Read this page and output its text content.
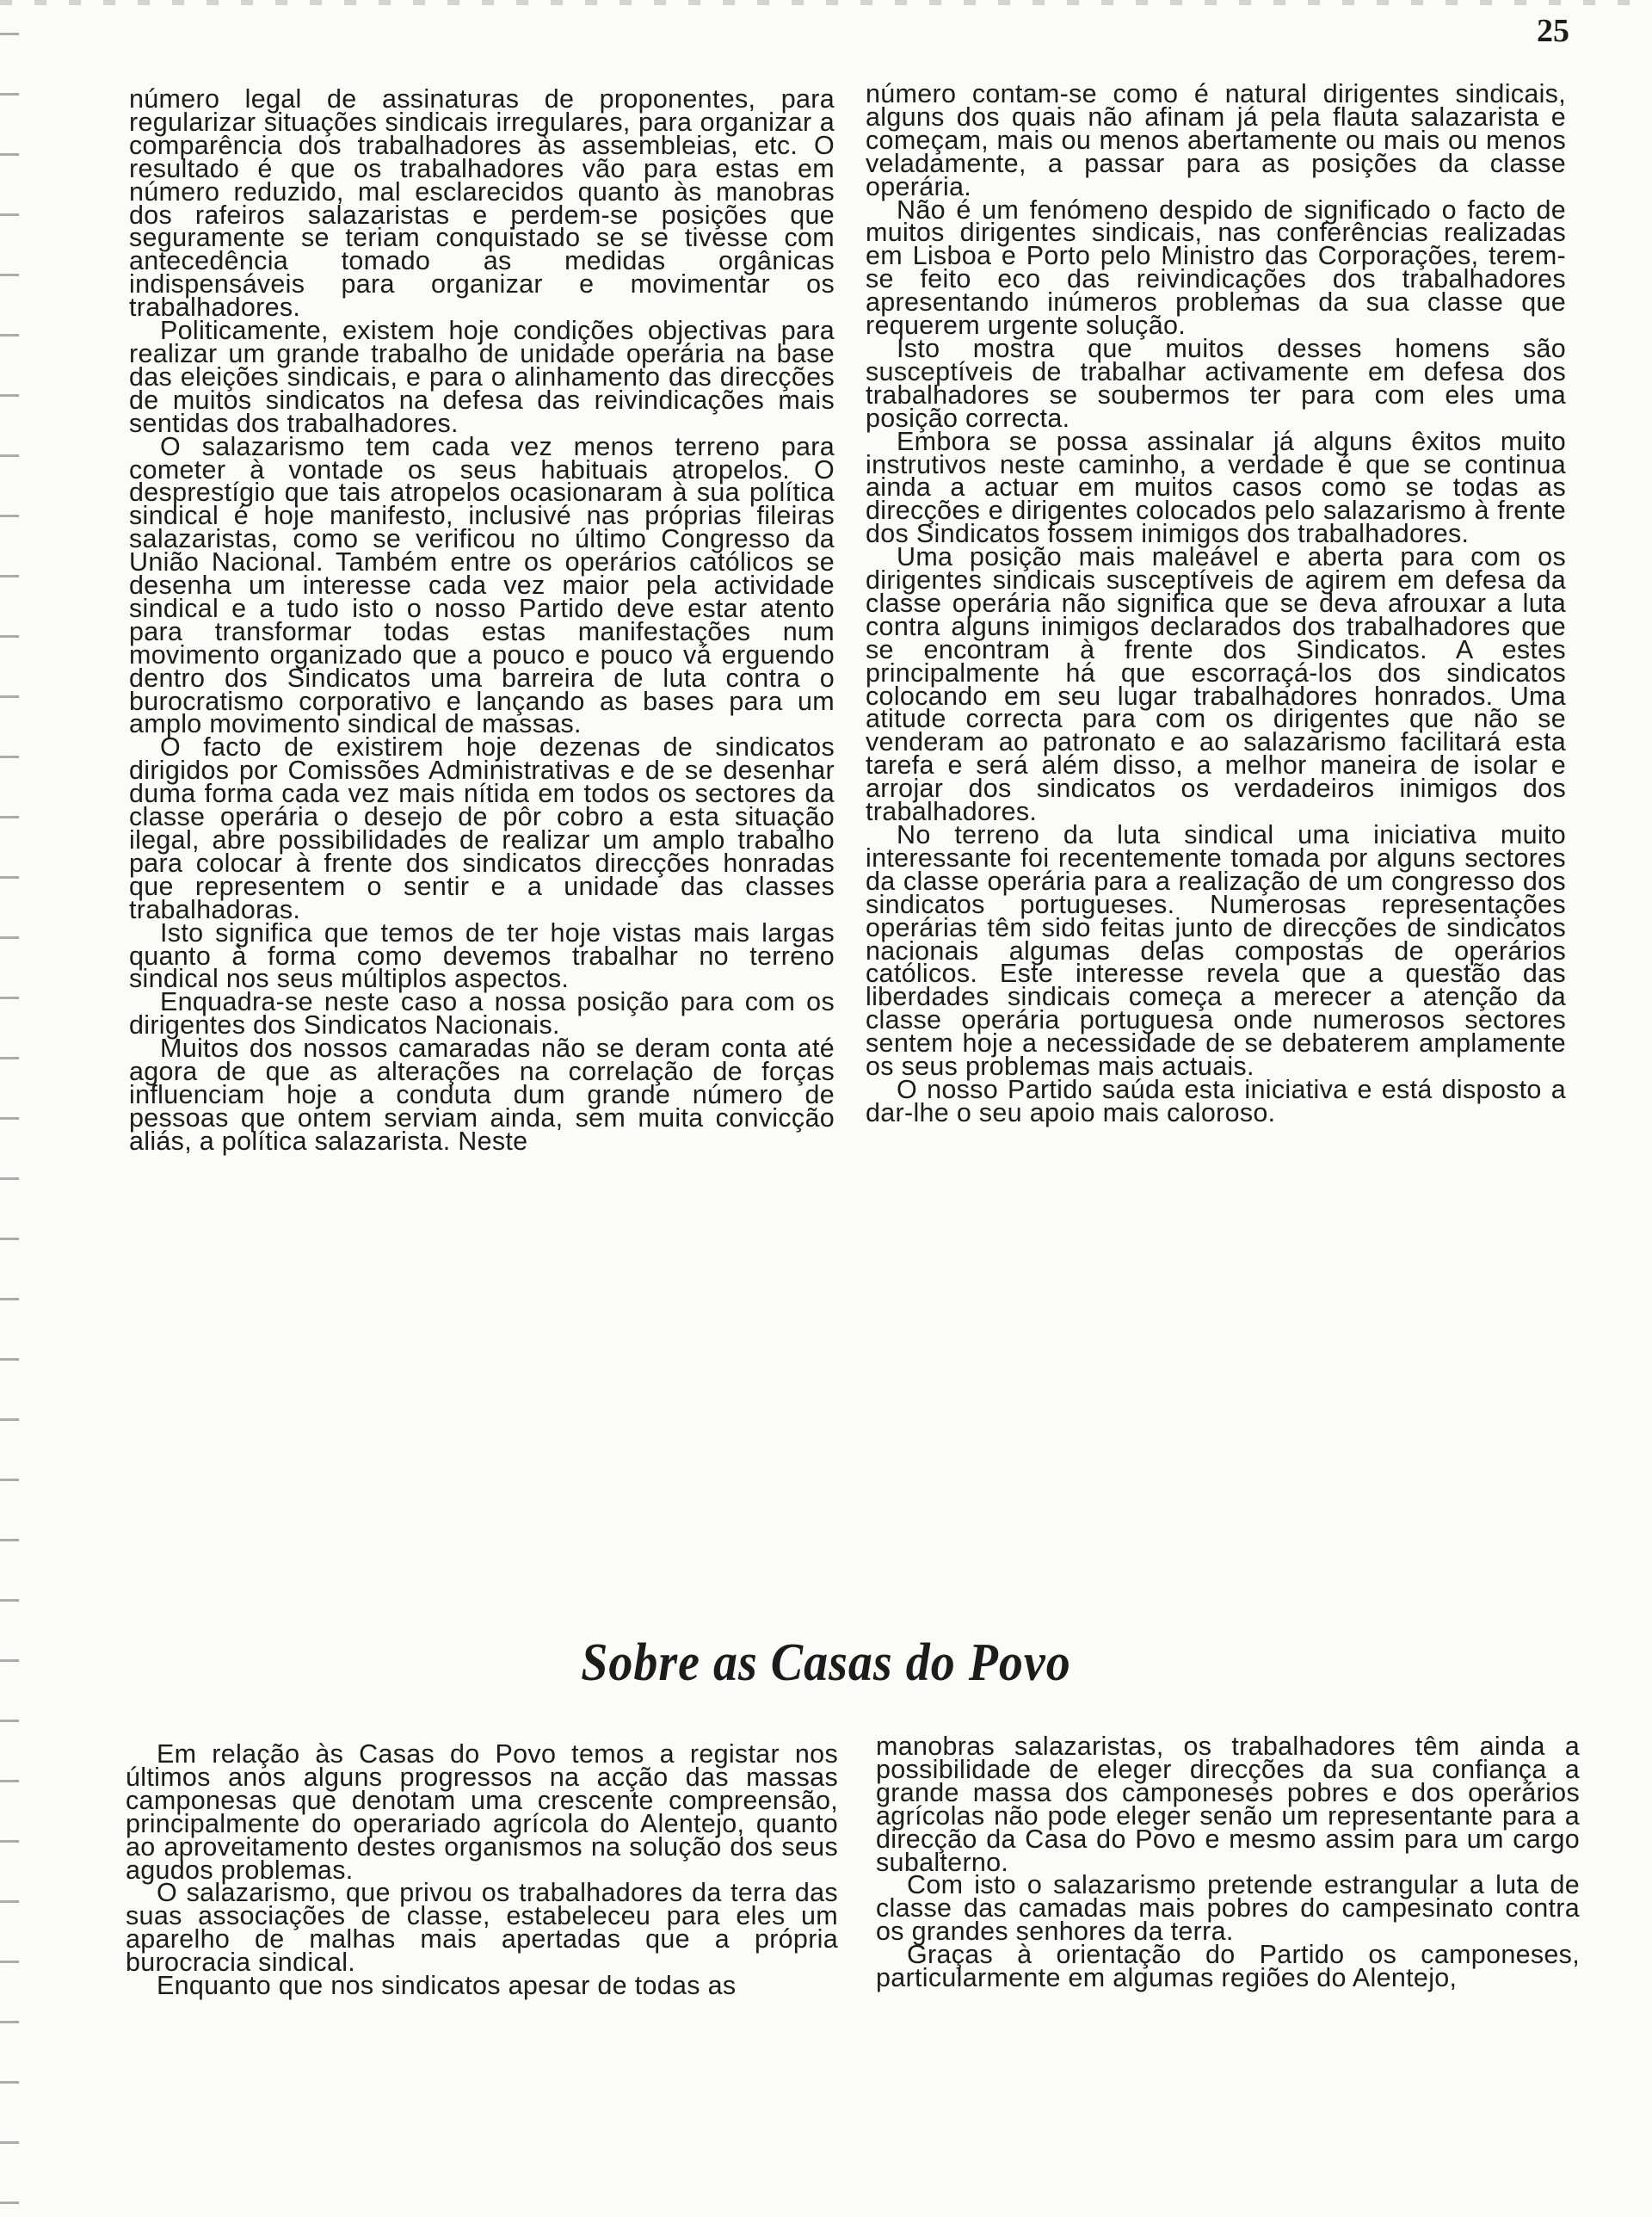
25

número legal de assinaturas de proponentes, para regularizar situações sindicais irregulares, para organizar a comparência dos trabalhadores às assembleias, etc. O resultado é que os trabalhadores vão para estas em número reduzido, mal esclarecidos quanto às manobras dos rafeiros salazaristas e perdem-se posições que seguramente se teriam conquistado se se tivesse com antecedência tomado as medidas orgânicas indispensáveis para organizar e movimentar os trabalhadores.

Politicamente, existem hoje condições objectivas para realizar um grande trabalho de unidade operária na base das eleições sindicais, e para o alinhamento das direcções de muitos sindicatos na defesa das reivindicações mais sentidas dos trabalhadores.

O salazarismo tem cada vez menos terreno para cometer à vontade os seus habituais atropelos. O desprestígio que tais atropelos ocasionaram à sua política sindical é hoje manifesto, inclusivé nas próprias fileiras salazaristas, como se verificou no último Congresso da União Nacional. Também entre os operários católicos se desenha um interesse cada vez maior pela actividade sindical e a tudo isto o nosso Partido deve estar atento para transformar todas estas manifestações num movimento organizado que a pouco e pouco vá erguendo dentro dos Sindicatos uma barreira de luta contra o burocratismo corporativo e lançando as bases para um amplo movimento sindical de massas.

O facto de existirem hoje dezenas de sindicatos dirigidos por Comissões Administrativas e de se desenhar duma forma cada vez mais nítida em todos os sectores da classe operária o desejo de pôr cobro a esta situação ilegal, abre possibilidades de realizar um amplo trabalho para colocar à frente dos sindicatos direcções honradas que representem o sentir e a unidade das classes trabalhadoras.

Isto significa que temos de ter hoje vistas mais largas quanto à forma como devemos trabalhar no terreno sindical nos seus múltiplos aspectos.

Enquadra-se neste caso a nossa posição para com os dirigentes dos Sindicatos Nacionais.

Muitos dos nossos camaradas não se deram conta até agora de que as alterações na correlação de forças influenciam hoje a conduta dum grande número de pessoas que ontem serviam ainda, sem muita convicção aliás, a política salazarista. Neste

número contam-se como é natural dirigentes sindicais, alguns dos quais não afinam já pela flauta salazarista e começam, mais ou menos abertamente ou mais ou menos veladamente, a passar para as posições da classe operária.

Não é um fenómeno despido de significado o facto de muitos dirigentes sindicais, nas conferências realizadas em Lisboa e Porto pelo Ministro das Corporações, terem-se feito eco das reivindicações dos trabalhadores apresentando inúmeros problemas da sua classe que requerem urgente solução.

Isto mostra que muitos desses homens são susceptíveis de trabalhar activamente em defesa dos trabalhadores se soubermos ter para com eles uma posição correcta.

Embora se possa assinalar já alguns êxitos muito instrutivos neste caminho, a verdade é que se continua ainda a actuar em muitos casos como se todas as direcções e dirigentes colocados pelo salazarismo à frente dos Sindicatos fossem inimigos dos trabalhadores.

Uma posição mais maleável e aberta para com os dirigentes sindicais susceptíveis de agirem em defesa da classe operária não significa que se deva afrouxar a luta contra alguns inimigos declarados dos trabalhadores que se encontram à frente dos Sindicatos. A estes principalmente há que escorraçá-los dos sindicatos colocando em seu lugar trabalhadores honrados. Uma atitude correcta para com os dirigentes que não se venderam ao patronato e ao salazarismo facilitará esta tarefa e será além disso, a melhor maneira de isolar e arrojar dos sindicatos os verdadeiros inimigos dos trabalhadores.

No terreno da luta sindical uma iniciativa muito interessante foi recentemente tomada por alguns sectores da classe operária para a realização de um congresso dos sindicatos portugueses. Numerosas representações operárias têm sido feitas junto de direcções de sindicatos nacionais algumas delas compostas de operários católicos. Este interesse revela que a questão das liberdades sindicais começa a merecer a atenção da classe operária portuguesa onde numerosos sectores sentem hoje a necessidade de se debaterem amplamente os seus problemas mais actuais.

O nosso Partido saúda esta iniciativa e está disposto a dar-lhe o seu apoio mais caloroso.

Sobre as Casas do Povo

Em relação às Casas do Povo temos a registar nos últimos anos alguns progressos na acção das massas camponesas que denotam uma crescente compreensão, principalmente do operariado agrícola do Alentejo, quanto ao aproveitamento destes organismos na solução dos seus agudos problemas.

O salazarismo, que privou os trabalhadores da terra das suas associações de classe, estabeleceu para eles um aparelho de malhas mais apertadas que a própria burocracia sindical.

Enquanto que nos sindicatos apesar de todas as

manobras salazaristas, os trabalhadores têm ainda a possibilidade de eleger direcções da sua confiança a grande massa dos camponeses pobres e dos operários agrícolas não pode eleger senão um representante para a direcção da Casa do Povo e mesmo assim para um cargo subalterno.

Com isto o salazarismo pretende estrangular a luta de classe das camadas mais pobres do campesinato contra os grandes senhores da terra.

Graças à orientação do Partido os camponeses, particularmente em algumas regiões do Alentejo,
